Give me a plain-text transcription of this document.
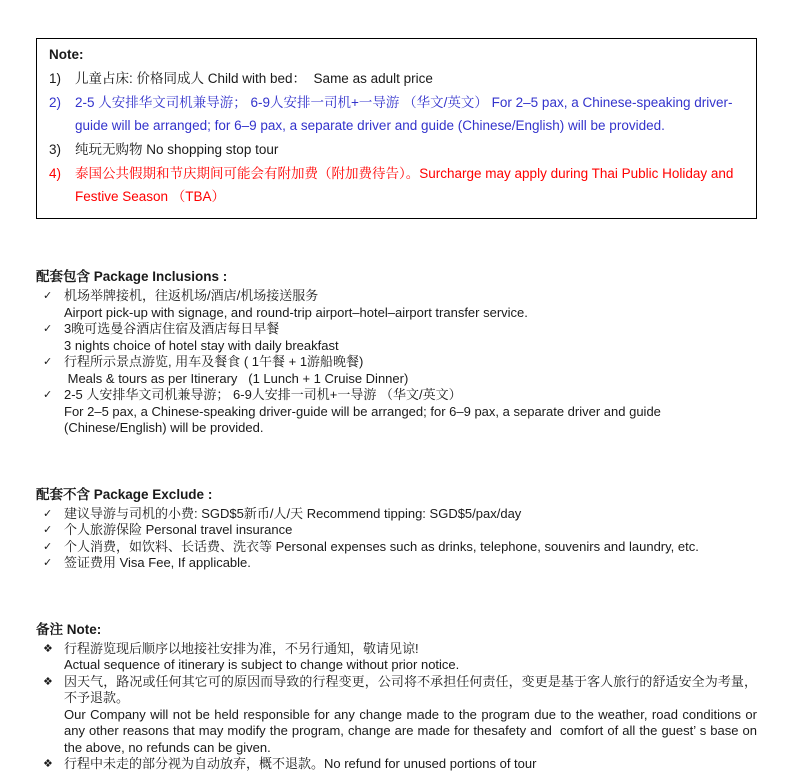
Note:
1)	儿童占床: 价格同成人 Child with bed：  Same as adult price
2)	2-5 人安排华文司机兼导游； 6-9人安排一司机+一导游 （华文/英文） For 2–5 pax, a Chinese-speaking driver-guide will be arranged; for 6–9 pax, a separate driver and guide (Chinese/English) will be provided.
3)	纯玩无购物 No shopping stop tour
4)	泰国公共假期和节庆期间可能会有附加费（附加费待告）。Surcharge may apply during Thai Public Holiday and Festive Season （TBA）
配套包含 Package Inclusions :
✓ 机场举牌接机，往返机场/酒店/机场接送服务
Airport pick-up with signage, and round-trip airport–hotel–airport transfer service.
✓ 3晚可选曼谷酒店住宿及酒店每日早餐
3 nights choice of hotel stay with daily breakfast
✓ 行程所示景点游览, 用车及餐食 ( 1午餐 + 1游船晚餐)
Meals & tours as per Itinerary   (1 Lunch + 1 Cruise Dinner)
✓ 2-5 人安排华文司机兼导游； 6-9人安排一司机+一导游 （华文/英文）
For 2–5 pax, a Chinese-speaking driver-guide will be arranged; for 6–9 pax, a separate driver and guide (Chinese/English) will be provided.
配套不含 Package Exclude :
✓ 建议导游与司机的小费: SGD$5新币/人/天 Recommend tipping: SGD$5/pax/day
✓ 个人旅游保险 Personal travel insurance
✓ 个人消费，如饮料、长话费、洗衣等 Personal expenses such as drinks, telephone, souvenirs and laundry, etc.
✓ 签证费用 Visa Fee, If applicable.
备注 Note:
❖ 行程游览现后顺序以地接社安排为准，不另行通知，敬请见谅!
Actual sequence of itinerary is subject to change without prior notice.
❖ 因天气，路况或任何其它可的原因而导致的行程变更，公司将不承担任何责任，变更是基于客人旅行的舒适安全为考量，不予退款。
Our Company will not be held responsible for any change made to the program due to the weather, road conditions or any other reasons that may modify the program, change are made for thesafety and  comfort of all the guest’ s base on the above, no refunds can be given.
❖ 行程中未走的部分视为自动放弃，概不退款。No refund for unused portions of tour
